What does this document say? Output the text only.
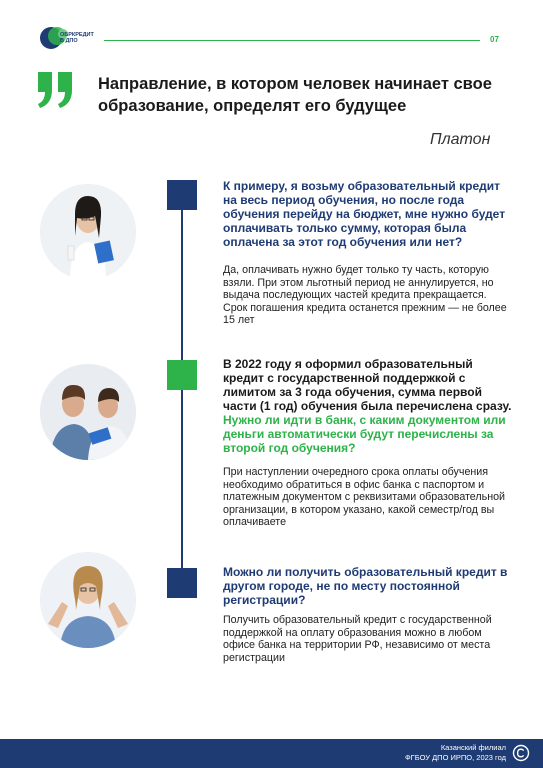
ОБРКРЕДИТ
В ДПО	07
Направление, в котором человек начинает свое образование, определят его будущее
Платон
К примеру, я возьму образовательный кредит на весь период обучения, но после года обучения перейду на бюджет, мне нужно будет оплачивать только сумму, которая была оплачена за этот год обучения или нет?
Да, оплачивать нужно будет только ту часть, которую взяли. При этом льготный период не аннулируется, но выдача последующих частей кредита прекращается.
Срок погашения кредита останется прежним — не более 15 лет
В 2022 году я оформил образовательный кредит с государственной поддержкой с лимитом за 3 года обучения, сумма первой части (1 год) обучения была перечислена сразу. Нужно ли идти в банк, с каким документом или деньги автоматически будут перечислены за второй год обучения?
При наступлении очередного срока оплаты обучения необходимо обратиться в офис банка с паспортом и платежным документом с реквизитами образовательной организации, в котором указано, какой семестр/год вы оплачиваете
Можно ли получить образовательный кредит в другом городе, не по месту постоянной регистрации?
Получить образовательный кредит с государственной поддержкой на оплату образования можно в любом офисе банка на территории РФ, независимо от места регистрации
Казанский филиал
ФГБОУ ДПО ИРПО, 2023 год
